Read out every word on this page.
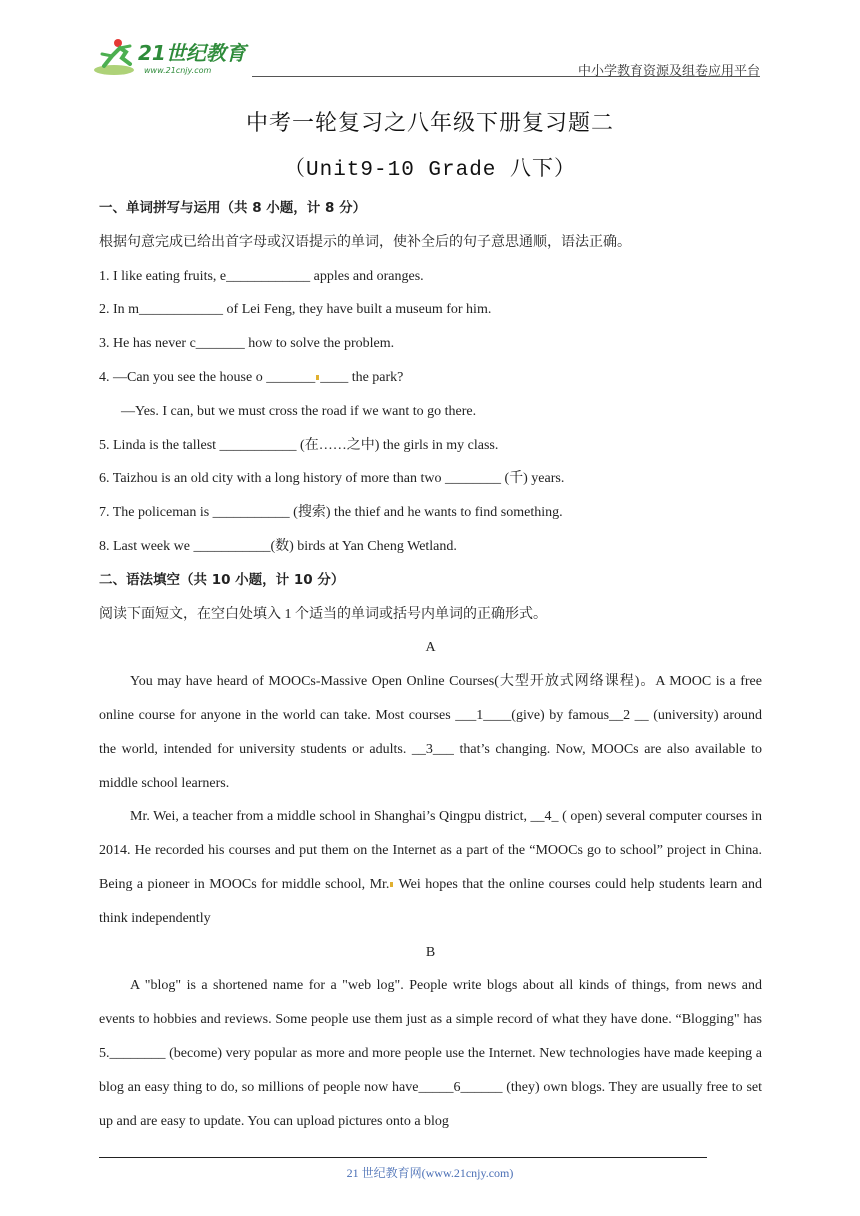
21世纪教育
www.21cnjy.com	中小学教育资源及组卷应用平台
中考一轮复习之八年级下册复习题二
（Unit9-10 Grade 八下）

一、单词拼写与运用（共 8 小题，计 8 分）

根据句意完成已给出首字母或汉语提示的单词，使补全后的句子意思通顺，语法正确。

1. I like eating fruits, e____________ apples and oranges.

2. In m____________ of Lei Feng, they have built a museum for him.

3. He has never c_______ how to solve the problem.

4. —Can you see the house o _______ ____ the park?

—Yes. I can, but we must cross the road if we want to go there.

5. Linda is the tallest ___________ (在……之中) the girls in my class.

6. Taizhou is an old city with a long history of more than two ________ (千) years.

7. The policeman is ___________ (搜索) the thief and he wants to find something.

8. Last week we ___________(数) birds at Yan Cheng Wetland.

二、语法填空（共 10 小题，计 10 分）

阅读下面短文，在空白处填入 1 个适当的单词或括号内单词的正确形式。

A

You may have heard of MOOCs-Massive Open Online Courses(大型开放式网络课程)。A MOOC is a free online course for anyone in the world can take. Most courses ___1____(give) by famous__2 __ (university) around the world, intended for university students or adults. __3___ that’s changing. Now, MOOCs are also available to middle school learners.

Mr. Wei, a teacher from a middle school in Shanghai’s Qingpu district, __4_ ( open) several computer courses in 2014. He recorded his courses and put them on the Internet as a part of the “MOOCs go to school” project in China. Being a pioneer in MOOCs for middle school, Mr. Wei hopes that the online courses could help students learn and think independently

B

A "blog" is a shortened name for a "web log". People write blogs about all kinds of things, from news and events to hobbies and reviews. Some people use them just as a simple record of what they have done. “Blogging" has 5.________ (become) very popular as more and more people use the Internet. New technologies have made keeping a blog an easy thing to do, so millions of people now have_____6______ (they) own blogs. They are usually free to set up and are easy to update. You can upload pictures onto a blog

21 世纪教育网(www.21cnjy.com)
